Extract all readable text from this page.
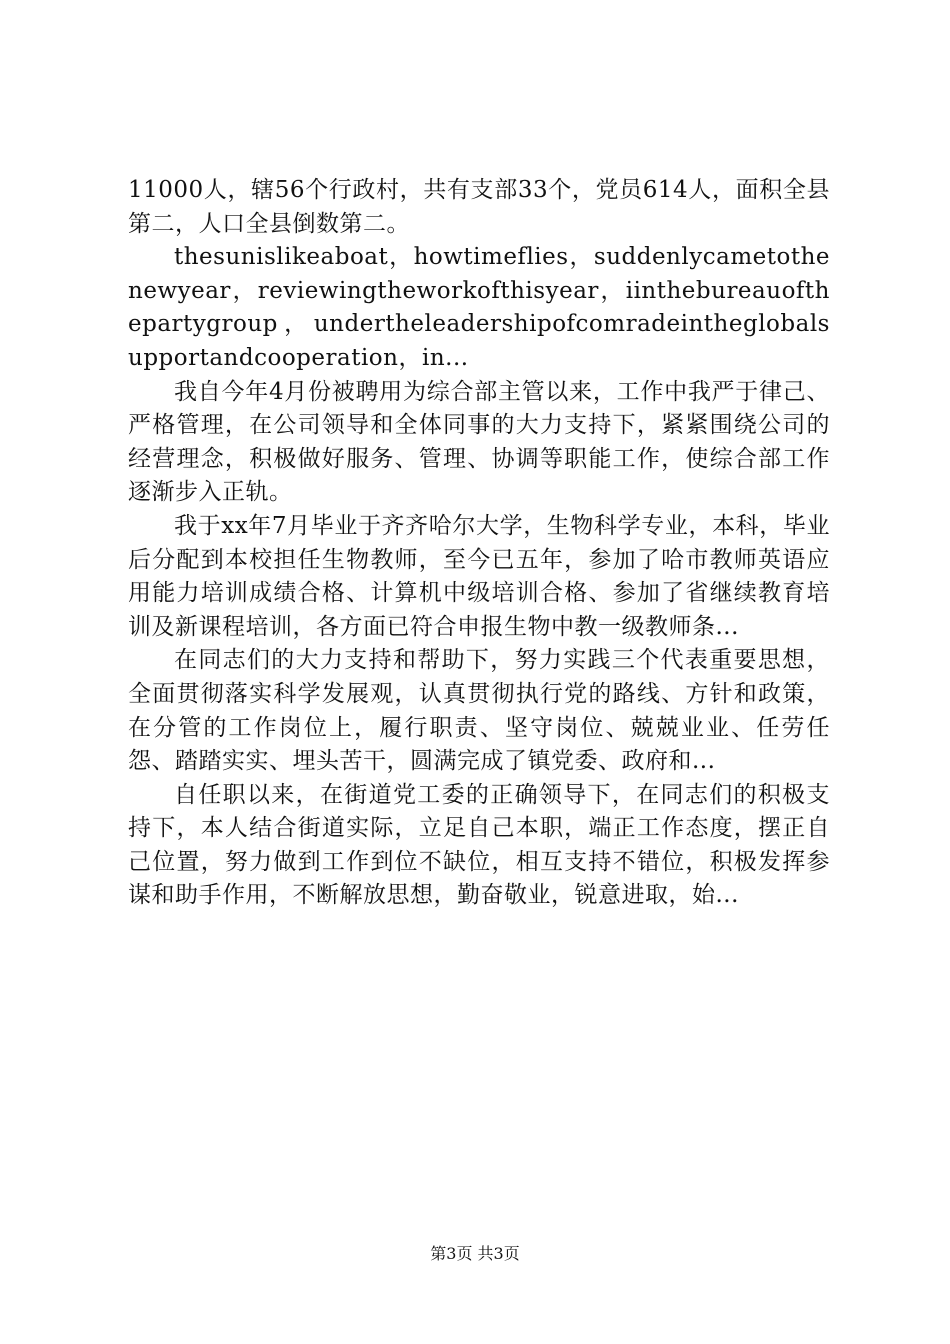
11000人，辖56个行政村，共有支部33个，党员614人，面积全县第二，人口全县倒数第二。

thesunislikeaboat，howtimeflies，suddenlycametothenewyear，reviewingtheworkofthisyear，iinthebureauofthepartygroup，undertheleadershipofcomradeintheglobalsupportandcooperation，in...

我自今年4月份被聘用为综合部主管以来，工作中我严于律己、严格管理，在公司领导和全体同事的大力支持下，紧紧围绕公司的经营理念，积极做好服务、管理、协调等职能工作，使综合部工作逐渐步入正轨。

我于xx年7月毕业于齐齐哈尔大学，生物科学专业，本科，毕业后分配到本校担任生物教师，至今已五年，参加了哈市教师英语应用能力培训成绩合格、计算机中级培训合格、参加了省继续教育培训及新课程培训，各方面已符合申报生物中教一级教师条...

在同志们的大力支持和帮助下，努力实践三个代表重要思想，全面贯彻落实科学发展观，认真贯彻执行党的路线、方针和政策，在分管的工作岗位上，履行职责、坚守岗位、兢兢业业、任劳任怨、踏踏实实、埋头苦干，圆满完成了镇党委、政府和...

自任职以来，在街道党工委的正确领导下，在同志们的积极支持下，本人结合街道实际，立足自己本职，端正工作态度，摆正自己位置，努力做到工作到位不缺位，相互支持不错位，积极发挥参谋和助手作用，不断解放思想，勤奋敬业，锐意进取，始...

第3页 共3页
